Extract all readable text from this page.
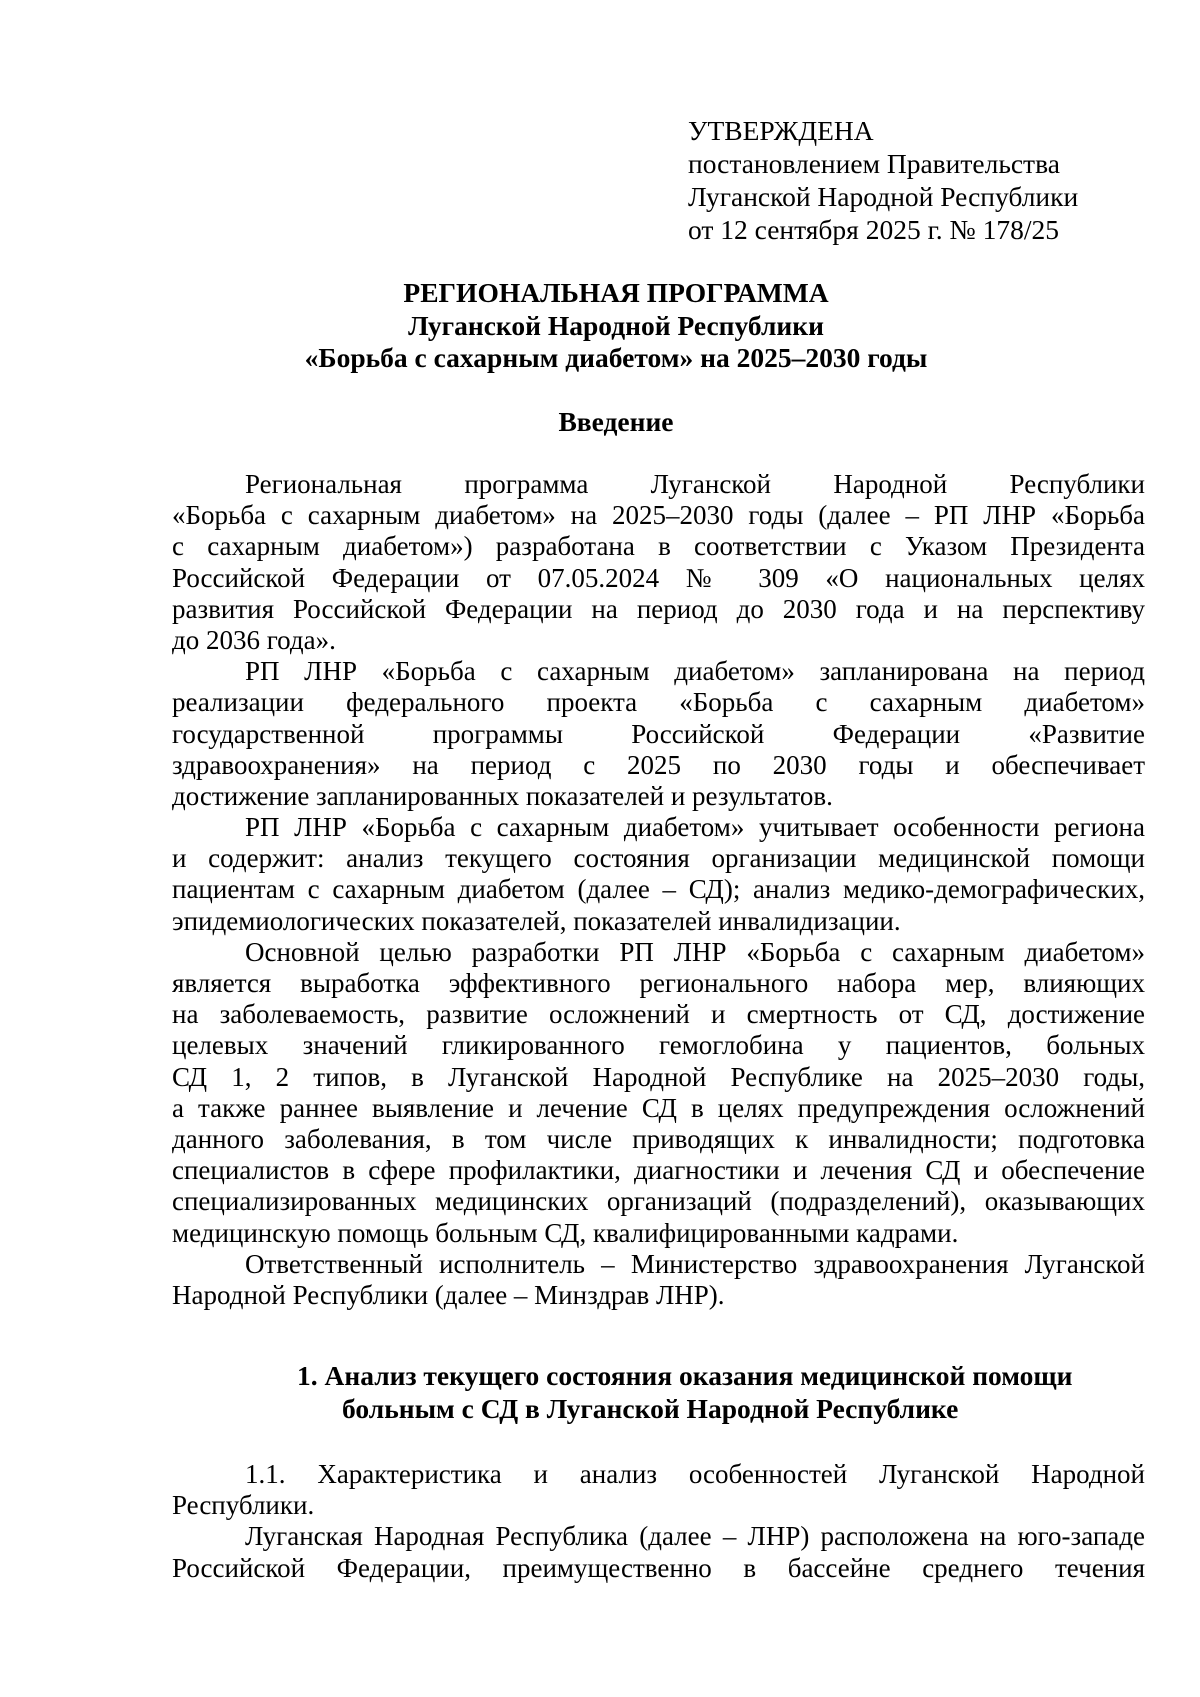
УТВЕРЖДЕНА
постановлением Правительства
Луганской Народной Республики
от 12 сентября 2025 г. № 178/25
РЕГИОНАЛЬНАЯ ПРОГРАММА
Луганской Народной Республики
«Борьба с сахарным диабетом» на 2025–2030 годы
Введение
Региональная программа Луганской Народной Республики
«Борьба с сахарным диабетом» на 2025–2030 годы (далее – РП ЛНР «Борьба
с сахарным диабетом») разработана в соответствии с Указом Президента
Российской Федерации от 07.05.2024 № 309 «О национальных целях
развития Российской Федерации на период до 2030 года и на перспективу
до 2036 года».
РП ЛНР «Борьба с сахарным диабетом» запланирована на период
реализации федерального проекта «Борьба с сахарным диабетом»
государственной программы Российской Федерации «Развитие
здравоохранения» на период с 2025 по 2030 годы и обеспечивает
достижение запланированных показателей и результатов.
РП ЛНР «Борьба с сахарным диабетом» учитывает особенности региона
и содержит: анализ текущего состояния организации медицинской помощи
пациентам с сахарным диабетом (далее – СД); анализ медико-демографических,
эпидемиологических показателей, показателей инвалидизации.
Основной целью разработки РП ЛНР «Борьба с сахарным диабетом»
является выработка эффективного регионального набора мер, влияющих
на заболеваемость, развитие осложнений и смертность от СД, достижение
целевых значений гликированного гемоглобина у пациентов, больных
СД 1, 2 типов, в Луганской Народной Республике на 2025–2030 годы,
а также раннее выявление и лечение СД в целях предупреждения осложнений
данного заболевания, в том числе приводящих к инвалидности; подготовка
специалистов в сфере профилактики, диагностики и лечения СД и обеспечение
специализированных медицинских организаций (подразделений), оказывающих
медицинскую помощь больным СД, квалифицированными кадрами.
Ответственный исполнитель – Министерство здравоохранения Луганской
Народной Республики (далее – Минздрав ЛНР).
1. Анализ текущего состояния оказания медицинской помощи
больным с СД в Луганской Народной Республике
1.1. Характеристика и анализ особенностей Луганской Народной
Республики.
Луганская Народная Республика (далее – ЛНР) расположена на юго-западе
Российской Федерации, преимущественно в бассейне среднего течения
